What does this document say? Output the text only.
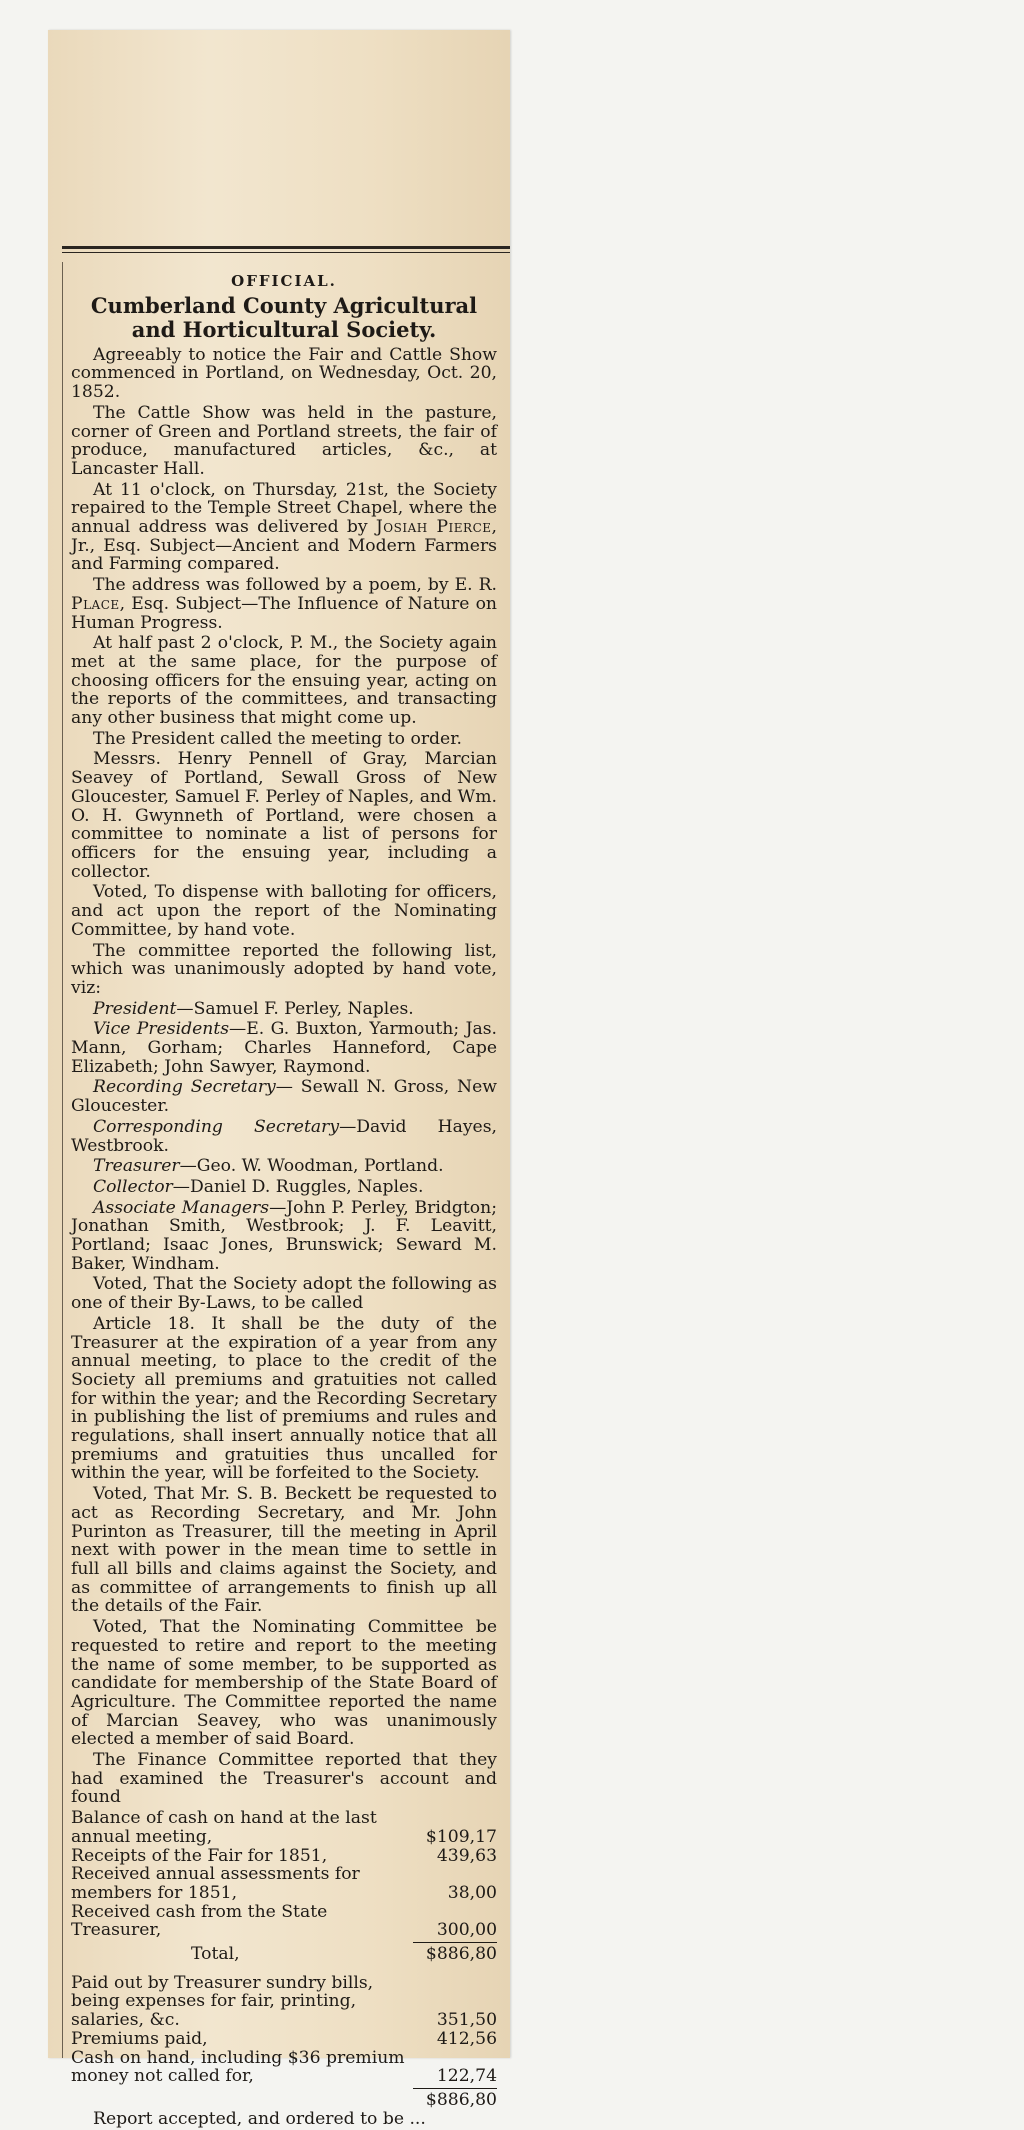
OFFICIAL.
Cumberland County Agricultural and Horticultural Society.

Agreeably to notice the Fair and Cattle Show commenced in Portland, on Wednesday, Oct. 20, 1852.

The Cattle Show was held in the pasture, corner of Green and Portland streets, the fair of produce, manufactured articles, &c., at Lancaster Hall.

At 11 o'clock, on Thursday, 21st, the Society repaired to the Temple Street Chapel, where the annual address was delivered by Josiah Pierce, Jr., Esq. Subject—Ancient and Modern Farmers and Farming compared.

The address was followed by a poem, by E. R. Place, Esq. Subject—The Influence of Nature on Human Progress.

At half past 2 o'clock, P. M., the Society again met at the same place, for the purpose of choosing officers for the ensuing year, acting on the reports of the committees, and transacting any other business that might come up.

The President called the meeting to order.

Messrs. Henry Pennell of Gray, Marcian Seavey of Portland, Sewall Gross of New Gloucester, Samuel F. Perley of Naples, and Wm. O. H. Gwynneth of Portland, were chosen a committee to nominate a list of persons for officers for the ensuing year, including a collector.

Voted, To dispense with balloting for officers, and act upon the report of the Nominating Committee, by hand vote.

The committee reported the following list, which was unanimously adopted by hand vote, viz:

President—Samuel F. Perley, Naples.

Vice Presidents—E. G. Buxton, Yarmouth; Jas. Mann, Gorham; Charles Hanneford, Cape Elizabeth; John Sawyer, Raymond.

Recording Secretary— Sewall N. Gross, New Gloucester.

Corresponding Secretary—David Hayes, Westbrook.

Treasurer—Geo. W. Woodman, Portland.

Collector—Daniel D. Ruggles, Naples.

Associate Managers—John P. Perley, Bridgton; Jonathan Smith, Westbrook; J. F. Leavitt, Portland; Isaac Jones, Brunswick; Seward M. Baker, Windham.

Voted, That the Society adopt the following as one of their By-Laws, to be called

Article 18. It shall be the duty of the Treasurer at the expiration of a year from any annual meeting, to place to the credit of the Society all premiums and gratuities not called for within the year; and the Recording Secretary in publishing the list of premiums and rules and regulations, shall insert annually notice that all premiums and gratuities thus uncalled for within the year, will be forfeited to the Society.

Voted, That Mr. S. B. Beckett be requested to act as Recording Secretary, and Mr. John Purinton as Treasurer, till the meeting in April next with power in the mean time to settle in full all bills and claims against the Society, and as committee of arrangements to finish up all the details of the Fair.

Voted, That the Nominating Committee be requested to retire and report to the meeting the name of some member, to be supported as candidate for membership of the State Board of Agriculture. The Committee reported the name of Marcian Seavey, who was unanimously elected a member of said Board.

The Finance Committee reported that they had examined the Treasurer's account and found

Balance of cash on hand at the last annual meeting,	$109,17
Receipts of the Fair for 1851,	439,63
Received annual assessments for members for 1851,	38,00
Received cash from the State Treasurer,	300,00
Total,	$886,80
Paid out by Treasurer sundry bills, being expenses for fair, printing, salaries, &c.	351,50
Premiums paid,	412,56
Cash on hand, including $36 premium money not called for,	122,74
$886,80

Report accepted, and ordered to be ...
